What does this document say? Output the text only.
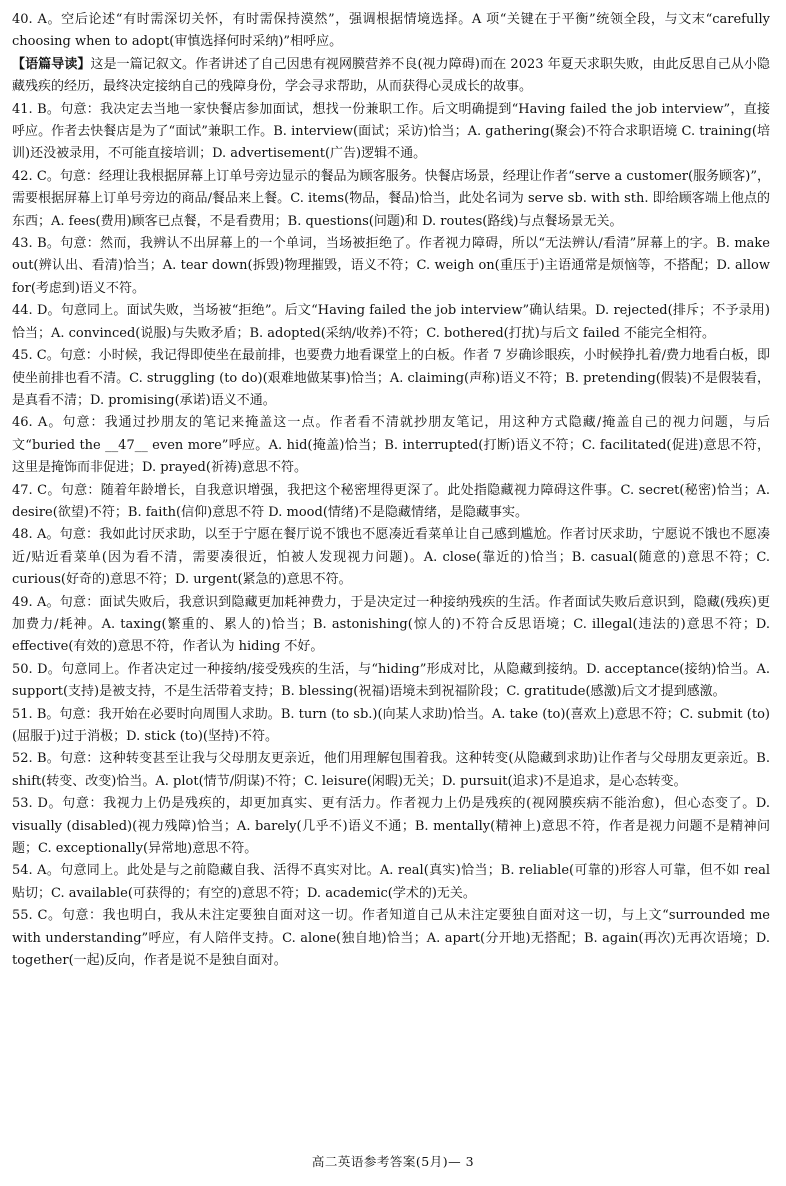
40. A。空后论述“有时需深切关怀，有时需保持漠然”，强调根据情境选择。A 项“关键在于平衡”统领全段，与文末“carefully choosing when to adopt(审慎选择何时采纳)”相呼应。

【语篇导读】这是一篇记叙文。作者讲述了自己因患有视网膜营养不良(视力障碍)而在 2023 年夏天求职失败，由此反思自己从小隐藏残疾的经历，最终决定接纳自己的残障身份，学会寻求帮助，从而获得心灵成长的故事。

41. B。句意：我决定去当地一家快餐店参加面试，想找一份兼职工作。后文明确提到“Having failed the job interview”，直接呼应。作者去快餐店是为了“面试”兼职工作。B. interview(面试；采访)恰当；A. gathering(聚会)不符合求职语境 C. training(培训)还没被录用，不可能直接培训；D. advertisement(广告)逻辑不通。

42. C。句意：经理让我根据屏幕上订单号旁边显示的餐品为顾客服务。快餐店场景，经理让作者“serve a customer(服务顾客)”，需要根据屏幕上订单号旁边的商品/餐品来上餐。C. items(物品，餐品)恰当，此处名词为 serve sb. with sth. 即给顾客端上他点的东西；A. fees(费用)顾客已点餐，不是看费用；B. questions(问题)和 D. routes(路线)与点餐场景无关。

43. B。句意：然而，我辨认不出屏幕上的一个单词，当场被拒绝了。作者视力障碍，所以“无法辨认/看清”屏幕上的字。B. make out(辨认出、看清)恰当；A. tear down(拆毁)物理摧毁，语义不符；C. weigh on(重压于)主语通常是烦恼等，不搭配；D. allow for(考虑到)语义不符。

44. D。句意同上。面试失败，当场被“拒绝”。后文“Having failed the job interview”确认结果。D. rejected(排斥；不予录用)恰当；A. convinced(说服)与失败矛盾；B. adopted(采纳/收养)不符；C. bothered(打扰)与后文 failed 不能完全相符。

45. C。句意：小时候，我记得即使坐在最前排，也要费力地看课堂上的白板。作者 7 岁确诊眼疾，小时候挣扎着/费力地看白板，即使坐前排也看不清。C. struggling (to do)(艰难地做某事)恰当；A. claiming(声称)语义不符；B. pretending(假装)不是假装看，是真看不清；D. promising(承诺)语义不通。

46. A。句意：我通过抄朋友的笔记来掩盖这一点。作者看不清就抄朋友笔记，用这种方式隐藏/掩盖自己的视力问题，与后文“buried the __47__ even more”呼应。A. hid(掩盖)恰当；B. interrupted(打断)语义不符；C. facilitated(促进)意思不符，这里是掩饰而非促进；D. prayed(祈祷)意思不符。

47. C。句意：随着年龄增长，自我意识增强，我把这个秘密埋得更深了。此处指隐藏视力障碍这件事。C. secret(秘密)恰当；A. desire(欲望)不符；B. faith(信仰)意思不符 D. mood(情绪)不是隐藏情绪，是隐藏事实。

48. A。句意：我如此讨厌求助，以至于宁愿在餐厅说不饿也不愿凑近看菜单让自己感到尴尬。作者讨厌求助，宁愿说不饿也不愿凑近/贴近看菜单(因为看不清，需要凑很近，怕被人发现视力问题)。A. close(靠近的)恰当；B. casual(随意的)意思不符；C. curious(好奇的)意思不符；D. urgent(紧急的)意思不符。

49. A。句意：面试失败后，我意识到隐藏更加耗神费力，于是决定过一种接纳残疾的生活。作者面试失败后意识到，隐藏(残疾)更加费力/耗神。A. taxing(繁重的、累人的)恰当；B. astonishing(惊人的)不符合反思语境；C. illegal(违法的)意思不符；D. effective(有效的)意思不符，作者认为 hiding 不好。

50. D。句意同上。作者决定过一种接纳/接受残疾的生活，与“hiding”形成对比，从隐藏到接纳。D. acceptance(接纳)恰当。A. support(支持)是被支持，不是生活带着支持；B. blessing(祝福)语境未到祝福阶段；C. gratitude(感激)后文才提到感激。

51. B。句意：我开始在必要时向周围人求助。B. turn (to sb.)(向某人求助)恰当。A. take (to)(喜欢上)意思不符；C. submit (to)(屈服于)过于消极；D. stick (to)(坚持)不符。

52. B。句意：这种转变甚至让我与父母朋友更亲近，他们用理解包围着我。这种转变(从隐藏到求助)让作者与父母朋友更亲近。B. shift(转变、改变)恰当。A. plot(情节/阴谋)不符；C. leisure(闲暇)无关；D. pursuit(追求)不是追求，是心态转变。

53. D。句意：我视力上仍是残疾的，却更加真实、更有活力。作者视力上仍是残疾的(视网膜疾病不能治愈)，但心态变了。D. visually (disabled)(视力残障)恰当；A. barely(几乎不)语义不通；B. mentally(精神上)意思不符，作者是视力问题不是精神问题；C. exceptionally(异常地)意思不符。

54. A。句意同上。此处是与之前隐藏自我、活得不真实对比。A. real(真实)恰当；B. reliable(可靠的)形容人可靠，但不如 real 贴切；C. available(可获得的；有空的)意思不符；D. academic(学术的)无关。

55. C。句意：我也明白，我从未注定要独自面对这一切。作者知道自己从未注定要独自面对这一切，与上文“surrounded me with understanding”呼应，有人陪伴支持。C. alone(独自地)恰当；A. apart(分开地)无搭配；B. again(再次)无再次语境；D. together(一起)反向，作者是说不是独自面对。

高二英语参考答案(5月)— 3
